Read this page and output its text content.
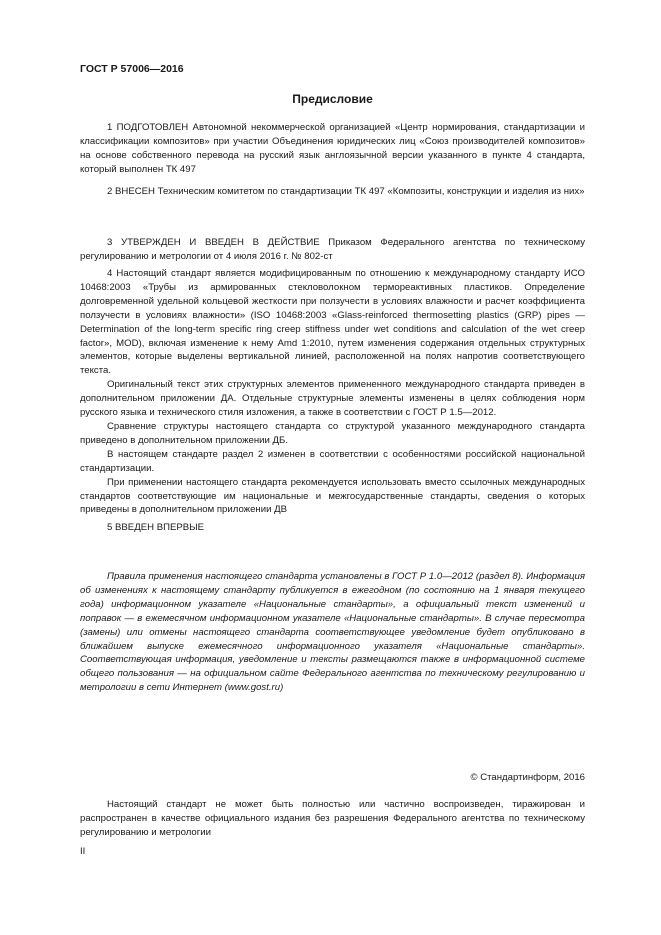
ГОСТ Р 57006—2016
Предисловие

1 ПОДГОТОВЛЕН Автономной некоммерческой организацией «Центр нормирования, стандартизации и классификации композитов» при участии Объединения юридических лиц «Союз производителей композитов» на основе собственного перевода на русский язык англоязычной версии указанного в пункте 4 стандарта, который выполнен ТК 497

2 ВНЕСЕН Техническим комитетом по стандартизации ТК 497 «Композиты, конструкции и изделия из них»

3 УТВЕРЖДЕН И ВВЕДЕН В ДЕЙСТВИЕ Приказом Федерального агентства по техническому регулированию и метрологии от 4 июля 2016 г. № 802-ст

4 Настоящий стандарт является модифицированным по отношению к международному стандарту ИСО 10468:2003 «Трубы из армированных стекловолокном термореактивных пластиков. Определение долговременной удельной кольцевой жесткости при ползучести в условиях влажности и расчет коэффициента ползучести в условиях влажности» (ISO 10468:2003 «Glass-reinforced thermosetting plastics (GRP) pipes — Determination of the long-term specific ring creep stiffness under wet conditions and calculation of the wet creep factor», MOD), включая изменение к нему Amd 1:2010, путем изменения содержания отдельных структурных элементов, которые выделены вертикальной линией, расположенной на полях напротив соответствующего текста.

Оригинальный текст этих структурных элементов примененного международного стандарта приведен в дополнительном приложении ДА. Отдельные структурные элементы изменены в целях соблюдения норм русского языка и технического стиля изложения, а также в соответствии с ГОСТ Р 1.5—2012.

Сравнение структуры настоящего стандарта со структурой указанного международного стандарта приведено в дополнительном приложении ДБ.

В настоящем стандарте раздел 2 изменен в соответствии с особенностями российской национальной стандартизации.

При применении настоящего стандарта рекомендуется использовать вместо ссылочных международных стандартов соответствующие им национальные и межгосударственные стандарты, сведения о которых приведены в дополнительном приложении ДВ

5 ВВЕДЕН ВПЕРВЫЕ

Правила применения настоящего стандарта установлены в ГОСТ Р 1.0—2012 (раздел 8). Информация об изменениях к настоящему стандарту публикуется в ежегодном (по состоянию на 1 января текущего года) информационном указателе «Национальные стандарты», а официальный текст изменений и поправок — в ежемесячном информационном указателе «Национальные стандарты». В случае пересмотра (замены) или отмены настоящего стандарта соответствующее уведомление будет опубликовано в ближайшем выпуске ежемесячного информационного указателя «Национальные стандарты». Соответствующая информация, уведомление и тексты размещаются также в информационной системе общего пользования — на официальном сайте Федерального агентства по техническому регулированию и метрологии в сети Интернет (www.gost.ru)

© Стандартинформ, 2016

Настоящий стандарт не может быть полностью или частично воспроизведен, тиражирован и распространен в качестве официального издания без разрешения Федерального агентства по техническому регулированию и метрологии

II
